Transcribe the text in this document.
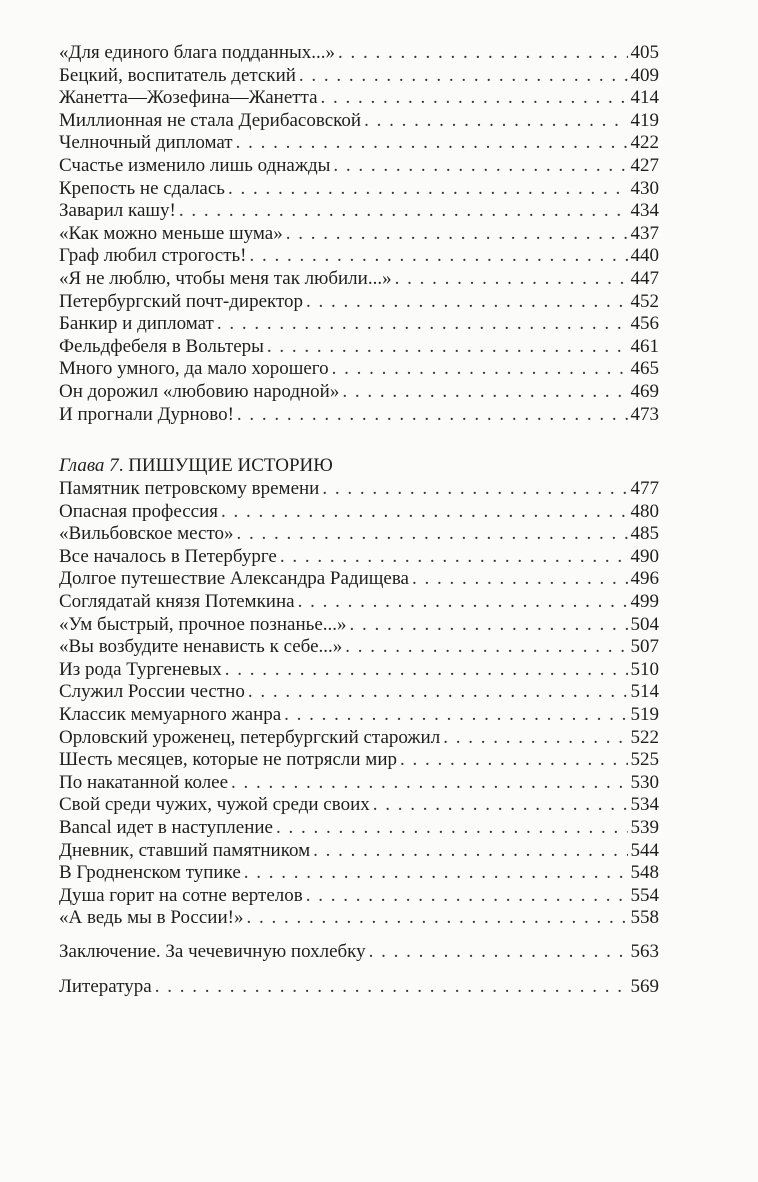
«Для единого блага подданных...» . . .	405
Бецкий, воспитатель детский . . .	409
Жанетта—Жозефина—Жанетта . . .	414
Миллионная не стала Дерибасовской . . .	419
Челночный дипломат . . .	422
Счастье изменило лишь однажды . . .	427
Крепость не сдалась . . .	430
Заварил кашу! . . .	434
«Как можно меньше шума» . . .	437
Граф любил строгость! . . .	440
«Я не люблю, чтобы меня так любили...» . . .	447
Петербургский почт-директор . . .	452
Банкир и дипломат . . .	456
Фельдфебеля в Вольтеры . . .	461
Много умного, да мало хорошего . . .	465
Он дорожил «любовию народной» . . .	469
И прогнали Дурново! . . .	473
Глава 7. ПИШУЩИЕ ИСТОРИЮ
Памятник петровскому времени . . .	477
Опасная профессия . . .	480
«Вильбовское место» . . .	485
Все началось в Петербурге . . .	490
Долгое путешествие Александра Радищева . . .	496
Соглядатай князя Потемкина . . .	499
«Ум быстрый, прочное познанье...» . . .	504
«Вы возбудите ненависть к себе...» . . .	507
Из рода Тургеневых . . .	510
Служил России честно . . .	514
Классик мемуарного жанра . . .	519
Орловский уроженец, петербургский старожил . . .	522
Шесть месяцев, которые не потрясли мир . . .	525
По накатанной колее . . .	530
Свой среди чужих, чужой среди своих . . .	534
Bancal идет в наступление . . .	539
Дневник, ставший памятником . . .	544
В Гродненском тупике . . .	548
Душа горит на сотне вертелов . . .	554
«А ведь мы в России!» . . .	558
Заключение. За чечевичную похлебку . . .	563
Литература . . .	569
